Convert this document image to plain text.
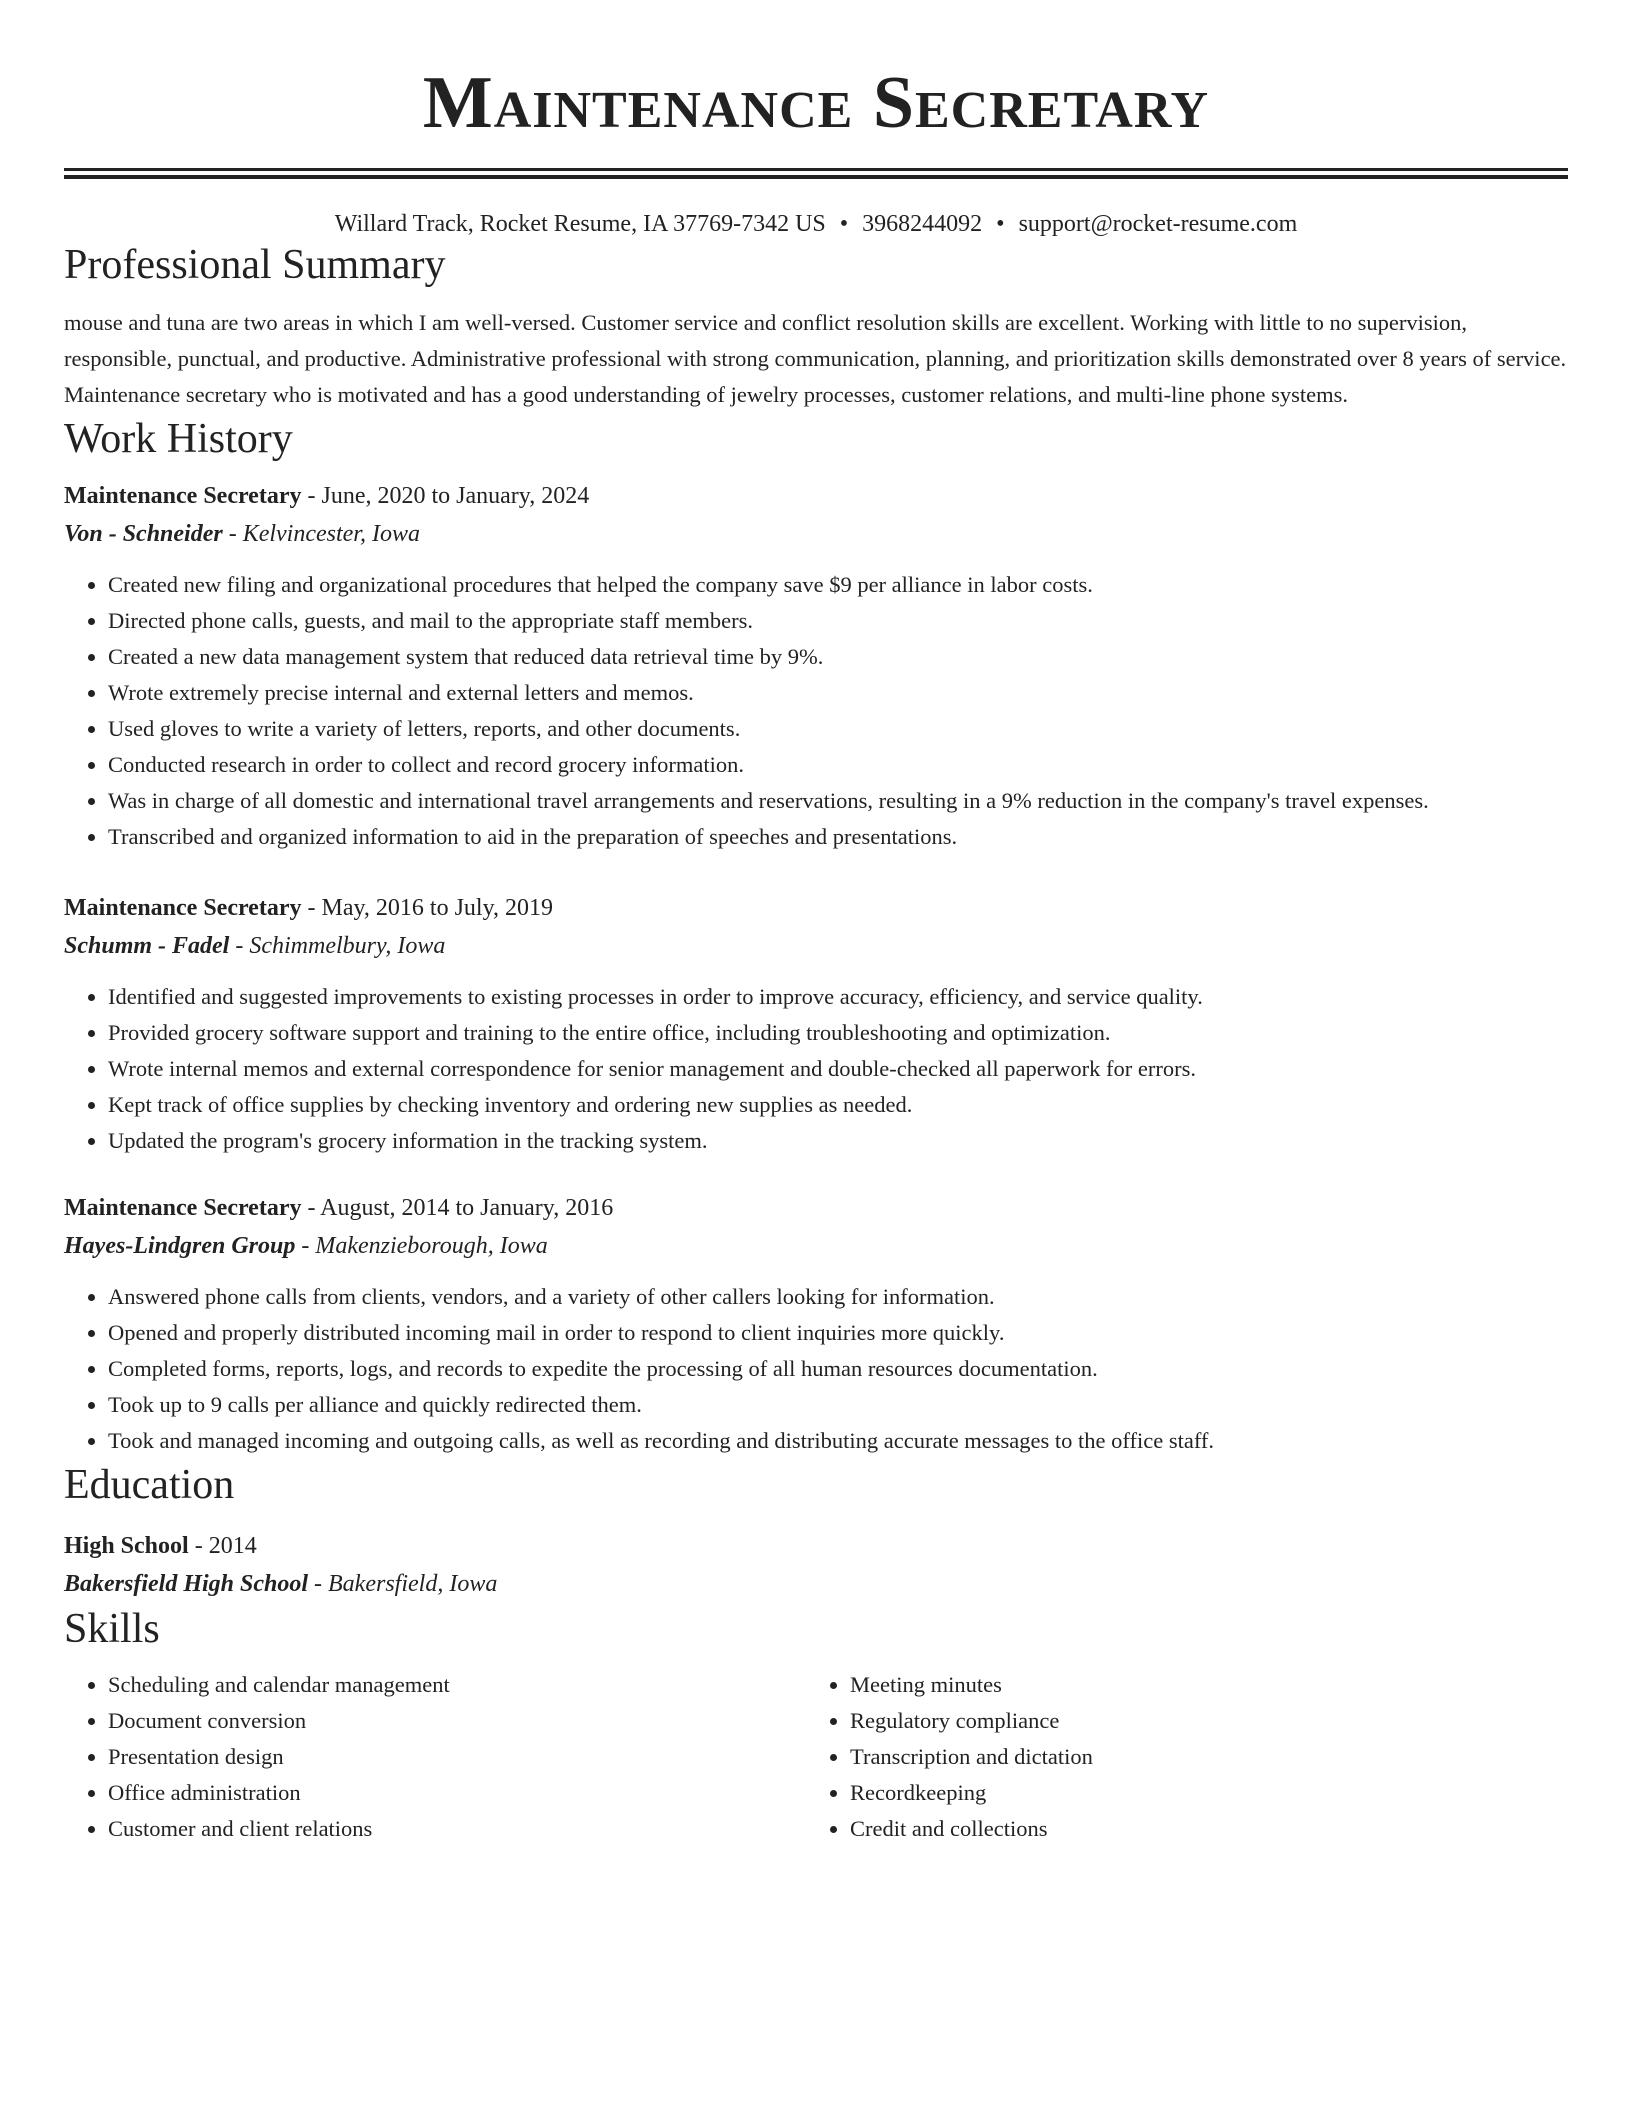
Maintenance Secretary
Willard Track, Rocket Resume, IA 37769-7342 US • 3968244092 • support@rocket-resume.com
Professional Summary
mouse and tuna are two areas in which I am well-versed. Customer service and conflict resolution skills are excellent. Working with little to no supervision, responsible, punctual, and productive. Administrative professional with strong communication, planning, and prioritization skills demonstrated over 8 years of service. Maintenance secretary who is motivated and has a good understanding of jewelry processes, customer relations, and multi-line phone systems.
Work History
Maintenance Secretary - June, 2020 to January, 2024
Von - Schneider - Kelvincester, Iowa
• Created new filing and organizational procedures that helped the company save $9 per alliance in labor costs.
• Directed phone calls, guests, and mail to the appropriate staff members.
• Created a new data management system that reduced data retrieval time by 9%.
• Wrote extremely precise internal and external letters and memos.
• Used gloves to write a variety of letters, reports, and other documents.
• Conducted research in order to collect and record grocery information.
• Was in charge of all domestic and international travel arrangements and reservations, resulting in a 9% reduction in the company's travel expenses.
• Transcribed and organized information to aid in the preparation of speeches and presentations.
Maintenance Secretary - May, 2016 to July, 2019
Schumm - Fadel - Schimmelbury, Iowa
• Identified and suggested improvements to existing processes in order to improve accuracy, efficiency, and service quality.
• Provided grocery software support and training to the entire office, including troubleshooting and optimization.
• Wrote internal memos and external correspondence for senior management and double-checked all paperwork for errors.
• Kept track of office supplies by checking inventory and ordering new supplies as needed.
• Updated the program's grocery information in the tracking system.
Maintenance Secretary - August, 2014 to January, 2016
Hayes-Lindgren Group - Makenzieborough, Iowa
• Answered phone calls from clients, vendors, and a variety of other callers looking for information.
• Opened and properly distributed incoming mail in order to respond to client inquiries more quickly.
• Completed forms, reports, logs, and records to expedite the processing of all human resources documentation.
• Took up to 9 calls per alliance and quickly redirected them.
• Took and managed incoming and outgoing calls, as well as recording and distributing accurate messages to the office staff.
Education
High School - 2014
Bakersfield High School - Bakersfield, Iowa
Skills
• Scheduling and calendar management
• Document conversion
• Presentation design
• Office administration
• Customer and client relations
• Meeting minutes
• Regulatory compliance
• Transcription and dictation
• Recordkeeping
• Credit and collections
